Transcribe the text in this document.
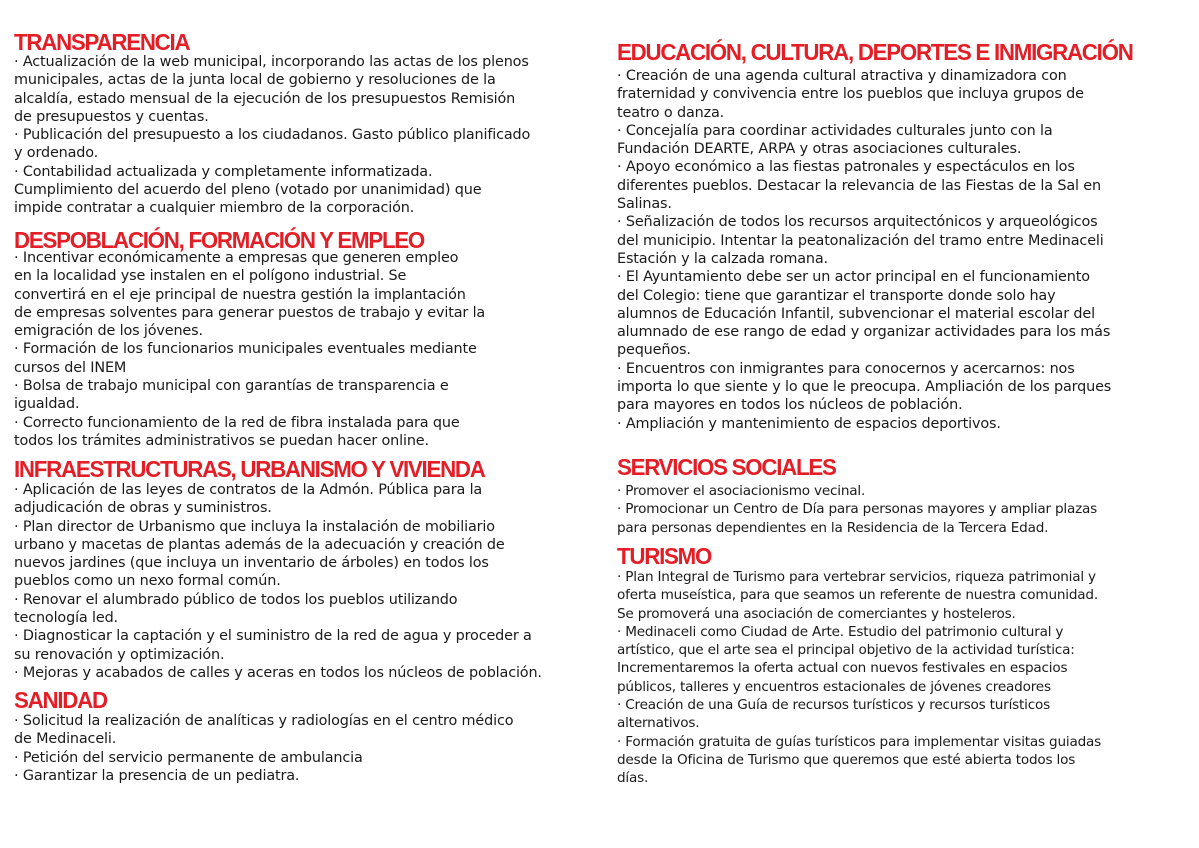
TRANSPARENCIA
· Actualización de la web municipal, incorporando las actas de los plenos
municipales, actas de la junta local de gobierno y resoluciones de la
alcaldía, estado mensual de la ejecución de los presupuestos Remisión
de presupuestos y cuentas.
· Publicación del presupuesto a los ciudadanos. Gasto público planificado
y ordenado.
· Contabilidad actualizada y completamente informatizada.
Cumplimiento del acuerdo del pleno (votado por unanimidad) que
impide contratar a cualquier miembro de la corporación.
DESPOBLACIÓN, FORMACIÓN Y EMPLEO
· Incentivar económicamente a empresas que generen empleo
en la localidad yse instalen en el polígono industrial. Se
convertirá en el eje principal de nuestra gestión la implantación
de empresas solventes para generar puestos de trabajo y evitar la
emigración de los jóvenes.
· Formación de los funcionarios municipales eventuales mediante
cursos del INEM
· Bolsa de trabajo municipal con garantías de transparencia e
igualdad.
· Correcto funcionamiento de la red de fibra instalada para que
todos los trámites administrativos se puedan hacer online.
INFRAESTRUCTURAS, URBANISMO Y VIVIENDA
· Aplicación de las leyes de contratos de la Admón. Pública para la
adjudicación de obras y suministros.
· Plan director de Urbanismo que incluya la instalación de mobiliario
urbano y macetas de plantas además de la adecuación y creación de
nuevos jardines (que incluya un inventario de árboles) en todos los
pueblos como un nexo formal común.
· Renovar el alumbrado público de todos los pueblos utilizando
tecnología led.
· Diagnosticar la captación y el suministro de la red de agua y proceder a
su renovación y optimización.
· Mejoras y acabados de calles y aceras en todos los núcleos de población.
SANIDAD
· Solicitud la realización de analíticas y radiologías en el centro médico
de Medinaceli.
· Petición del servicio permanente de ambulancia
· Garantizar la presencia de un pediatra.
EDUCACIÓN, CULTURA, DEPORTES E INMIGRACIÓN
· Creación de una agenda cultural atractiva y dinamizadora con
fraternidad y convivencia entre los pueblos que incluya grupos de
teatro o danza.
· Concejalía para coordinar actividades culturales junto con la
Fundación DEARTE, ARPA y otras asociaciones culturales.
· Apoyo económico a las fiestas patronales y espectáculos en los
diferentes pueblos. Destacar la relevancia de las Fiestas de la Sal en
Salinas.
· Señalización de todos los recursos arquitectónicos y arqueológicos
del municipio. Intentar la peatonalización del tramo entre Medinaceli
Estación y la calzada romana.
· El Ayuntamiento debe ser un actor principal en el funcionamiento
del Colegio: tiene que garantizar el transporte donde solo hay
alumnos de Educación Infantil, subvencionar el material escolar del
alumnado de ese rango de edad y organizar actividades para los más
pequeños.
· Encuentros con inmigrantes para conocernos y acercarnos: nos
importa lo que siente y lo que le preocupa. Ampliación de los parques
para mayores en todos los núcleos de población.
· Ampliación y mantenimiento de espacios deportivos.
SERVICIOS SOCIALES
· Promover el asociacionismo vecinal.
· Promocionar un Centro de Día para personas mayores y ampliar plazas
para personas dependientes en la Residencia de la Tercera Edad.
TURISMO
· Plan Integral de Turismo para vertebrar servicios, riqueza patrimonial y
oferta museística, para que seamos un referente de nuestra comunidad.
Se promoverá una asociación de comerciantes y hosteleros.
· Medinaceli como Ciudad de Arte. Estudio del patrimonio cultural y
artístico, que el arte sea el principal objetivo de la actividad turística:
Incrementaremos la oferta actual con nuevos festivales en espacios
públicos, talleres y encuentros estacionales de jóvenes creadores
· Creación de una Guía de recursos turísticos y recursos turísticos
alternativos.
· Formación gratuita de guías turísticos para implementar visitas guiadas
desde la Oficina de Turismo que queremos que esté abierta todos los
días.
